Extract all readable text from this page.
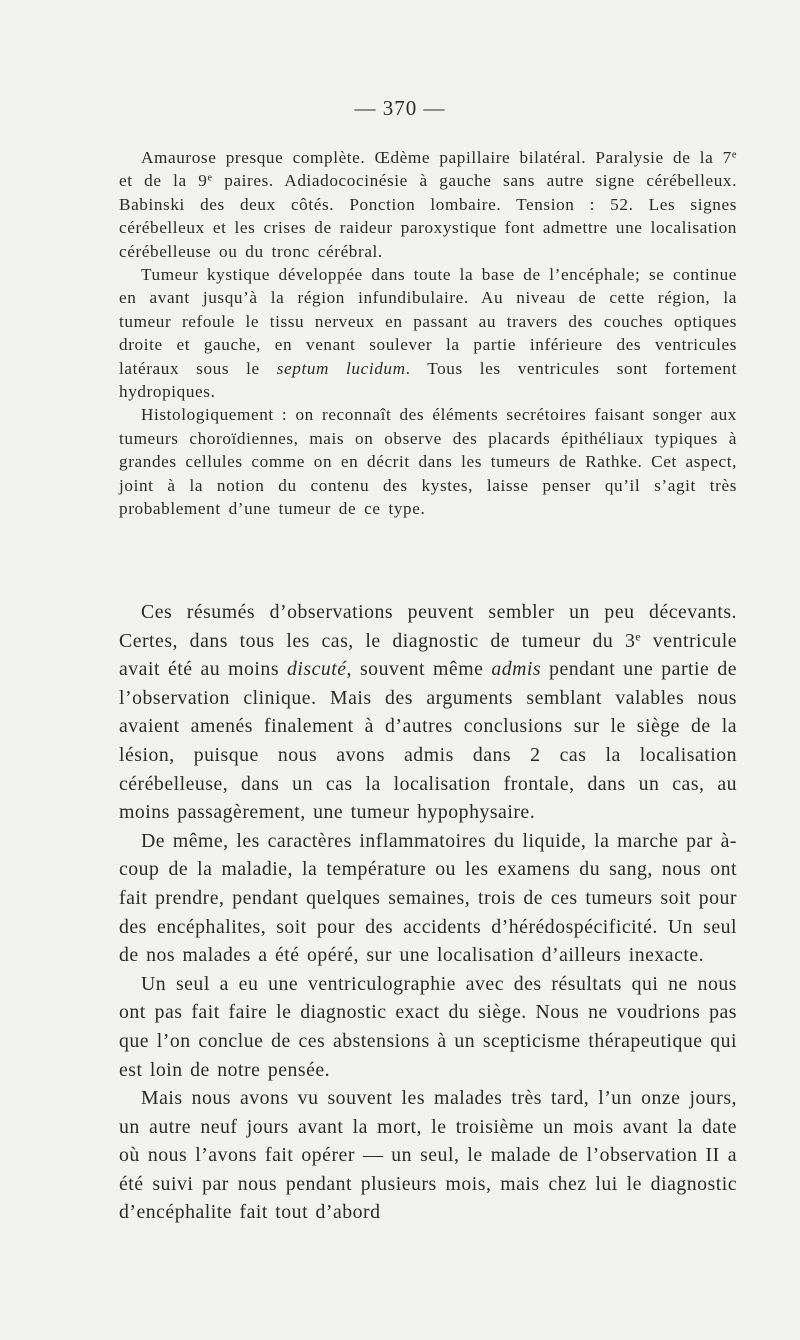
— 370 —

Amaurose presque complète. Œdème papillaire bilatéral. Paralysie de la 7e et de la 9e paires. Adiadococinésie à gauche sans autre signe cérébelleux. Babinski des deux côtés. Ponction lombaire. Tension : 52. Les signes cérébelleux et les crises de raideur paroxystique font admettre une localisation cérébelleuse ou du tronc cérébral.

Tumeur kystique développée dans toute la base de l’encéphale; se continue en avant jusqu’à la région infundibulaire. Au niveau de cette région, la tumeur refoule le tissu nerveux en passant au travers des couches optiques droite et gauche, en venant soulever la partie inférieure des ventricules latéraux sous le septum lucidum. Tous les ventricules sont fortement hydropiques.

Histologiquement : on reconnaît des éléments secrétoires faisant songer aux tumeurs choroïdiennes, mais on observe des placards épithéliaux typiques à grandes cellules comme on en décrit dans les tumeurs de Rathke. Cet aspect, joint à la notion du contenu des kystes, laisse penser qu’il s’agit très probablement d’une tumeur de ce type.

Ces résumés d’observations peuvent sembler un peu décevants. Certes, dans tous les cas, le diagnostic de tumeur du 3e ventricule avait été au moins discuté, souvent même admis pendant une partie de l’observation clinique. Mais des arguments semblant valables nous avaient amenés finalement à d’autres conclusions sur le siège de la lésion, puisque nous avons admis dans 2 cas la localisation cérébelleuse, dans un cas la localisation frontale, dans un cas, au moins passagèrement, une tumeur hypophysaire.

De même, les caractères inflammatoires du liquide, la marche par à-coup de la maladie, la température ou les examens du sang, nous ont fait prendre, pendant quelques semaines, trois de ces tumeurs soit pour des encéphalites, soit pour des accidents d’hérédospécificité. Un seul de nos malades a été opéré, sur une localisation d’ailleurs inexacte.

Un seul a eu une ventriculographie avec des résultats qui ne nous ont pas fait faire le diagnostic exact du siège. Nous ne voudrions pas que l’on conclue de ces abstensions à un scepticisme thérapeutique qui est loin de notre pensée.

Mais nous avons vu souvent les malades très tard, l’un onze jours, un autre neuf jours avant la mort, le troisième un mois avant la date où nous l’avons fait opérer — un seul, le malade de l’observation II a été suivi par nous pendant plusieurs mois, mais chez lui le diagnostic d’encéphalite fait tout d’abord
